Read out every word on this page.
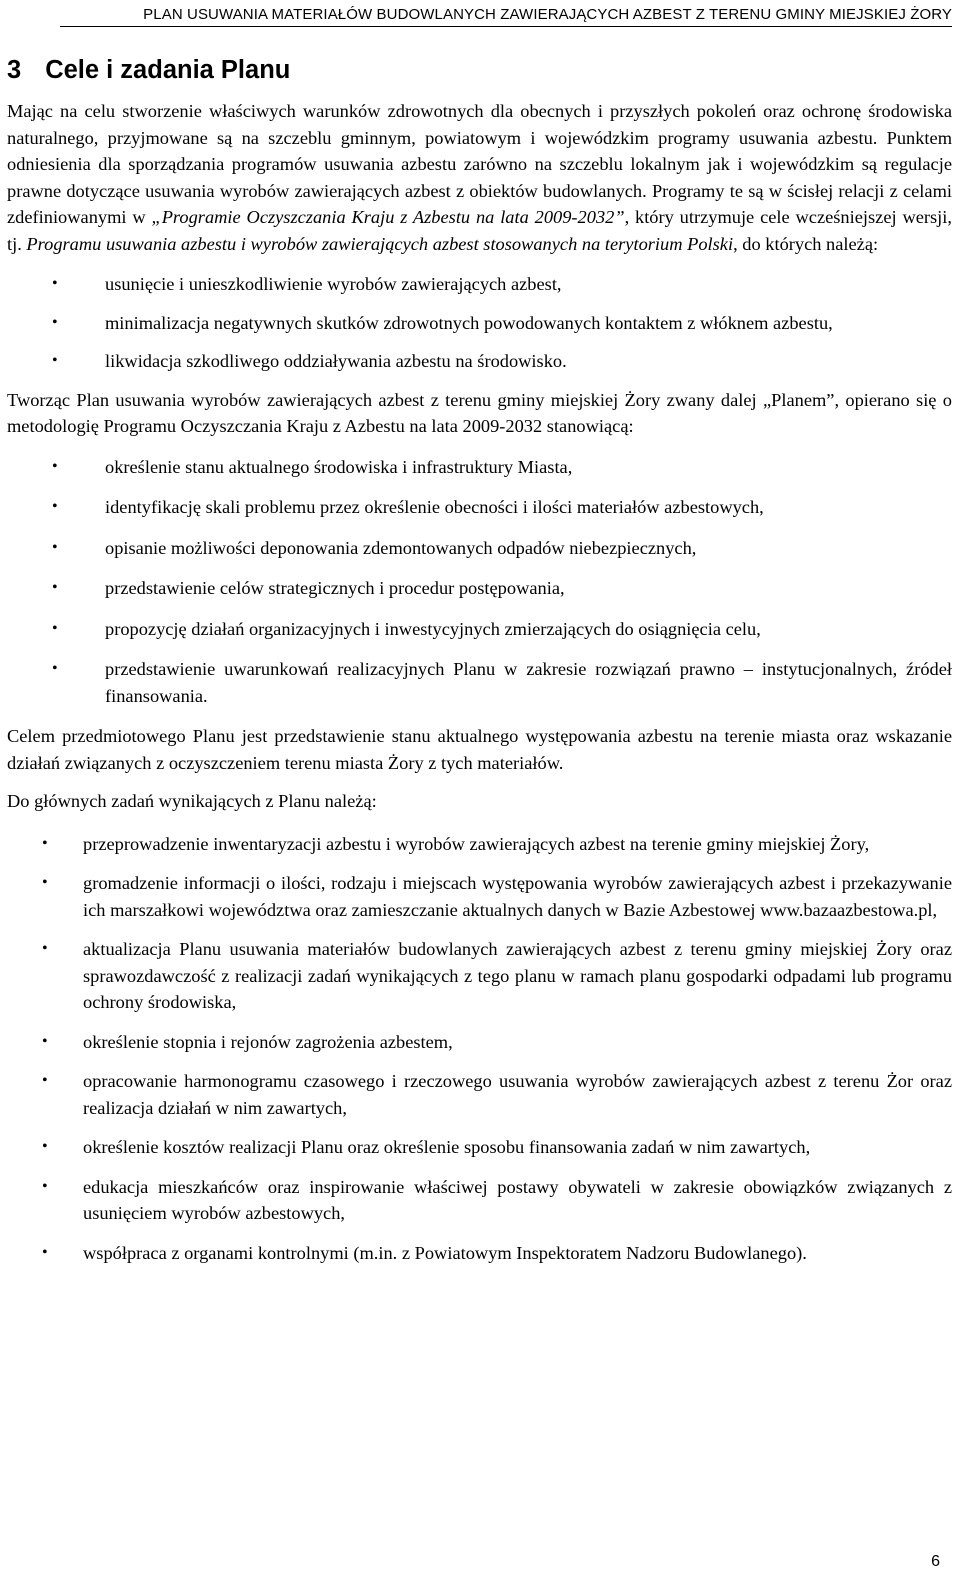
PLAN USUWANIA MATERIAŁÓW BUDOWLANYCH ZAWIERAJĄCYCH AZBEST Z TERENU GMINY MIEJSKIEJ ŻORY
3 Cele i zadania Planu

Mając na celu stworzenie właściwych warunków zdrowotnych dla obecnych i przyszłych pokoleń oraz ochronę środowiska naturalnego, przyjmowane są na szczeblu gminnym, powiatowym i wojewódzkim programy usuwania azbestu. Punktem odniesienia dla sporządzania programów usuwania azbestu zarówno na szczeblu lokalnym jak i wojewódzkim są regulacje prawne dotyczące usuwania wyrobów zawierających azbest z obiektów budowlanych. Programy te są w ścisłej relacji z celami zdefiniowanymi w „Programie Oczyszczania Kraju z Azbestu na lata 2009-2032”, który utrzymuje cele wcześniejszej wersji, tj. Programu usuwania azbestu i wyrobów zawierających azbest stosowanych na terytorium Polski, do których należą:

•	usunięcie i unieszkodliwienie wyrobów zawierających azbest,
•	minimalizacja negatywnych skutków zdrowotnych powodowanych kontaktem z włóknem azbestu,
•	likwidacja szkodliwego oddziaływania azbestu na środowisko.

Tworząc Plan usuwania wyrobów zawierających azbest z terenu gminy miejskiej Żory zwany dalej „Planem”, opierano się o metodologię Programu Oczyszczania Kraju z Azbestu na lata 2009-2032 stanowiącą:

•	określenie stanu aktualnego środowiska i infrastruktury Miasta,
•	identyfikację skali problemu przez określenie obecności i ilości materiałów azbestowych,
•	opisanie możliwości deponowania zdemontowanych odpadów niebezpiecznych,
•	przedstawienie celów strategicznych i procedur postępowania,
•	propozycję działań organizacyjnych i inwestycyjnych zmierzających do osiągnięcia celu,
•	przedstawienie uwarunkowań realizacyjnych Planu w zakresie rozwiązań prawno – instytucjonalnych, źródeł finansowania.

Celem przedmiotowego Planu jest przedstawienie stanu aktualnego występowania azbestu na terenie miasta oraz wskazanie działań związanych z oczyszczeniem terenu miasta Żory z tych materiałów.

Do głównych zadań wynikających z Planu należą:

• przeprowadzenie inwentaryzacji azbestu i wyrobów zawierających azbest na terenie gminy miejskiej Żory,
• gromadzenie informacji o ilości, rodzaju i miejscach występowania wyrobów zawierających azbest i przekazywanie ich marszałkowi województwa oraz zamieszczanie aktualnych danych w Bazie Azbestowej www.bazaazbestowa.pl,
• aktualizacja Planu usuwania materiałów budowlanych zawierających azbest z terenu gminy miejskiej Żory oraz sprawozdawczość z realizacji zadań wynikających z tego planu w ramach planu gospodarki odpadami lub programu ochrony środowiska,
• określenie stopnia i rejonów zagrożenia azbestem,
• opracowanie harmonogramu czasowego i rzeczowego usuwania wyrobów zawierających azbest z terenu Żor oraz realizacja działań w nim zawartych,
• określenie kosztów realizacji Planu oraz określenie sposobu finansowania zadań w nim zawartych,
• edukacja mieszkańców oraz inspirowanie właściwej postawy obywateli w zakresie obowiązków związanych z usunięciem wyrobów azbestowych,
• współpraca z organami kontrolnymi (m.in. z Powiatowym Inspektoratem Nadzoru Budowlanego).
6
